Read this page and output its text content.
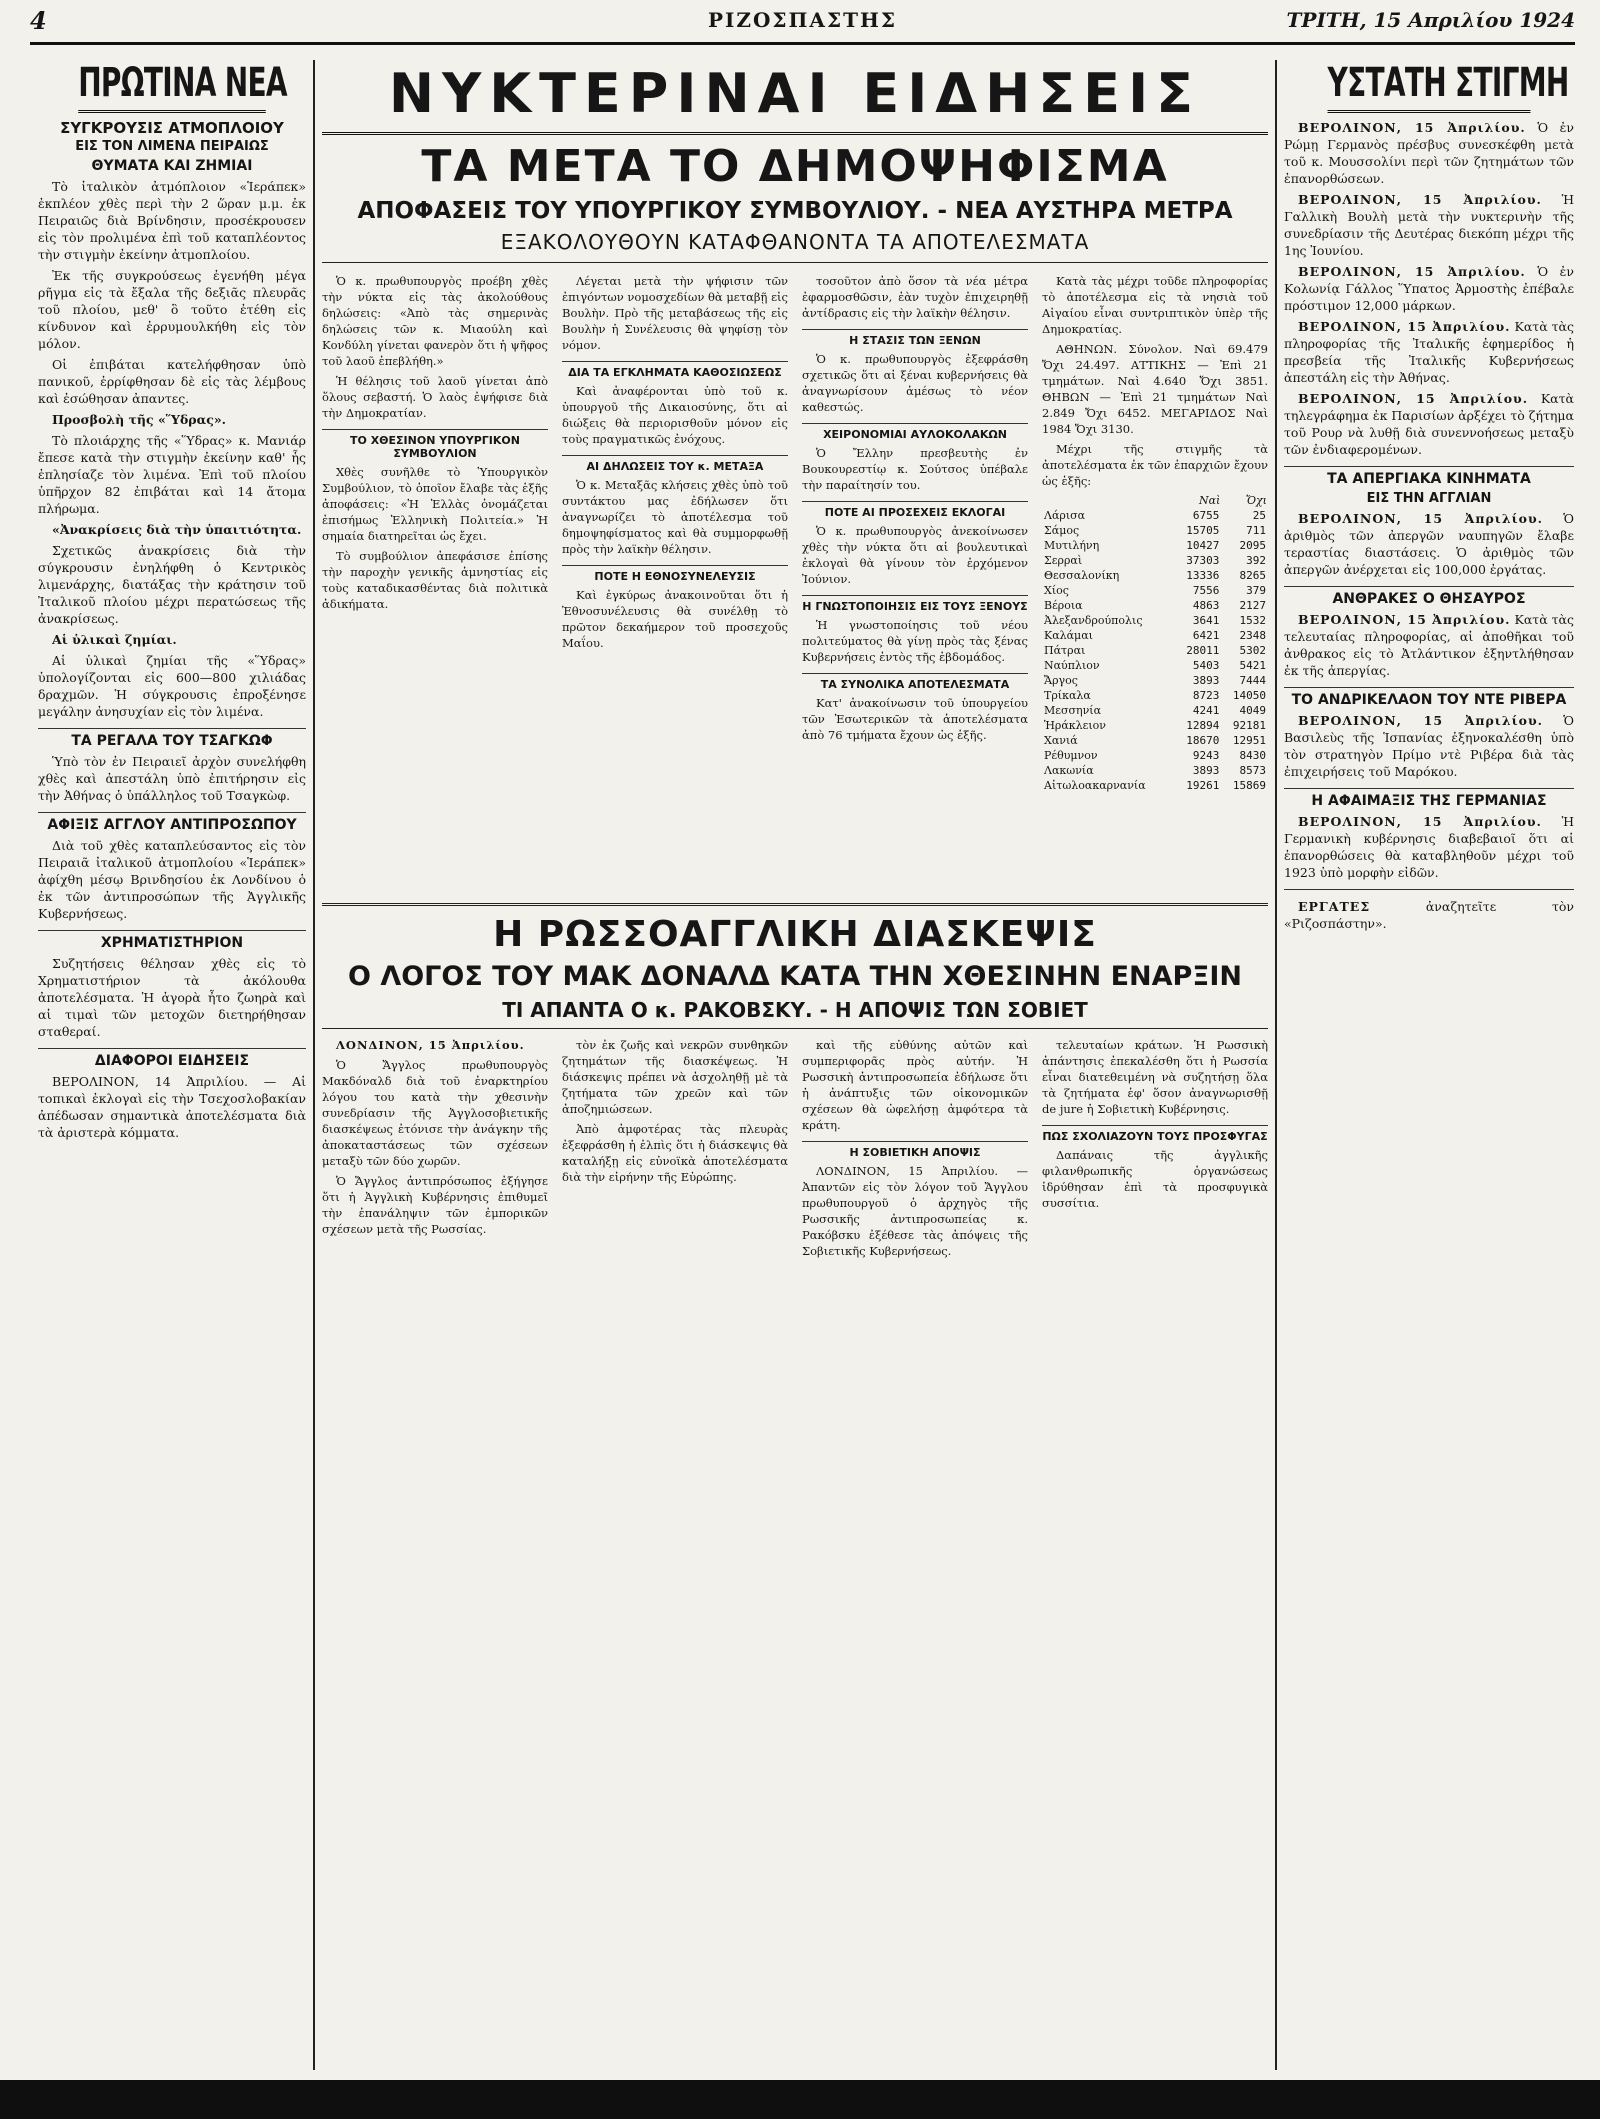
4	ΡΙΖΟΣΠΑΣΤΗΣ	ΤΡΙΤΗ, 15 Απριλίου 1924
ΠΡΩΤΙΝΑ ΝΕΑ
ΣΥΓΚΡΟΥΣΙΣ ΑΤΜΟΠΛΟΙΟΥ
ΕΙΣ ΤΟΝ ΛΙΜΕΝΑ ΠΕΙΡΑΙΩΣ
ΘΥΜΑΤΑ ΚΑΙ ΖΗΜΙΑΙ

Τὸ ἰταλικὸν ἀτμόπλοιον «Ἱεράπεκ» ἐκπλέον χθὲς περὶ τὴν 2 ὥραν μ.μ. ἐκ Πειραιῶς διὰ Βρίνδησιν, προσέκρουσεν εἰς τὸν προλιμένα ἐπὶ τοῦ καταπλέοντος τὴν στιγμὴν ἐκείνην ἀτμοπλοίου.

Ἐκ τῆς συγκρούσεως ἐγενήθη μέγα ρῆγμα εἰς τὰ ἔξαλα τῆς δεξιᾶς πλευρᾶς τοῦ πλοίου, μεθ' ὃ τοῦτο ἐτέθη εἰς κίνδυνον καὶ ἐρρυμουλκήθη εἰς τὸν μόλον.

Οἱ ἐπιβάται κατελήφθησαν ὑπὸ πανικοῦ, ἐρρίφθησαν δὲ εἰς τὰς λέμβους καὶ ἐσώθησαν ἀπαντες.

Προσβολὴ τῆς «Ὕδρας».

Τὸ πλοιάρχης τῆς «Ὕδρας» κ. Μανιάρ ἔπεσε κατὰ τὴν στιγμὴν ἐκείνην καθ' ἧς ἐπλησίαζε τὸν λιμένα. Ἐπὶ τοῦ πλοίου ὑπῆρχον 82 ἐπιβάται καὶ 14 ἄτομα πλήρωμα.

«Ἀνακρίσεις διὰ τὴν ὑπαιτιότητα.

Σχετικῶς ἀνακρίσεις διὰ τὴν σύγκρουσιν ἐνηλήφθη ὁ Κεντρικὸς λιμενάρχης, διατάξας τὴν κράτησιν τοῦ Ἰταλικοῦ πλοίου μέχρι περατώσεως τῆς ἀνακρίσεως.

Αἱ ὑλικαὶ ζημίαι.

Αἱ ὑλικαὶ ζημίαι τῆς «Ὕδρας» ὑπολογίζονται εἰς 600—800 χιλιάδας δραχμῶν. Ἡ σύγκρουσις ἐπροξένησε μεγάλην ἀνησυχίαν εἰς τὸν λιμένα.

ΤΑ ΡΕΓΑΛΑ ΤΟΥ ΤΣΑΓΚΩΦ

Ὑπὸ τὸν ἐν Πειραιεῖ ἀρχὸν συνελήφθη χθὲς καὶ ἀπεστάλη ὑπὸ ἐπιτήρησιν εἰς τὴν Ἀθήνας ὁ ὑπάλληλος τοῦ Τσαγκὼφ.

ΑΦΙΞΙΣ ΑΓΓΛΟΥ ΑΝΤΙΠΡΟΣΩΠΟΥ

Διὰ τοῦ χθὲς καταπλεύσαντος εἰς τὸν Πειραιᾶ ἰταλικοῦ ἀτμοπλοίου «Ἱεράπεκ» ἀφίχθη μέσῳ Βρινδησίου ἐκ Λονδίνου ὁ ἐκ τῶν ἀντιπροσώπων τῆς Ἀγγλικῆς Κυβερνήσεως.

ΧΡΗΜΑΤΙΣΤΗΡΙΟΝ

Συζητήσεις θέλησαν χθὲς εἰς τὸ Χρηματιστήριον τὰ ἀκόλουθα ἀποτελέσματα. Ἡ ἀγορὰ ἦτο ζωηρὰ καὶ αἱ τιμαὶ τῶν μετοχῶν διετηρήθησαν σταθεραί.

ΔΙΑΦΟΡΟΙ ΕΙΔΗΣΕΙΣ

ΒΕΡΟΛΙΝΟΝ, 14 Ἀπριλίου. — Αἱ τοπικαὶ ἐκλογαὶ εἰς τὴν Τσεχοσλοβακίαν ἀπέδωσαν σημαντικὰ ἀποτελέσματα διὰ τὰ ἀριστερὰ κόμματα.

ΝΥΚΤΕΡΙΝΑΙ ΕΙΔΗΣΕΙΣ
ΤΑ ΜΕΤΑ ΤΟ ΔΗΜΟΨΗΦΙΣΜΑ
ΑΠΟΦΑΣΕΙΣ ΤΟΥ ΥΠΟΥΡΓΙΚΟΥ ΣΥΜΒΟΥΛΙΟΥ. - ΝΕΑ ΑΥΣΤΗΡΑ ΜΕΤΡΑ
ΕΞΑΚΟΛΟΥΘΟΥΝ ΚΑΤΑΦΘΑΝΟΝΤΑ ΤΑ ΑΠΟΤΕΛΕΣΜΑΤΑ

Ὁ κ. πρωθυπουργὸς προέβη χθὲς τὴν νύκτα εἰς τὰς ἀκολούθους δηλώσεις: «Ἀπὸ τὰς σημερινὰς δηλώσεις τῶν κ. Μιαούλη καὶ Κονδύλη γίνεται φανερὸν ὅτι ἡ ψῆφος τοῦ λαοῦ ἐπεβλήθη.»

Ἡ θέλησις τοῦ λαοῦ γίνεται ἀπὸ ὅλους σεβαστή. Ὁ λαὸς ἐψήφισε διὰ τὴν Δημοκρατίαν.

ΤΟ ΧΘΕΣΙΝΟΝ ΥΠΟΥΡΓΙΚΟΝ ΣΥΜΒΟΥΛΙΟΝ

Χθὲς συνῆλθε τὸ Ὑπουργικὸν Συμβούλιον, τὸ ὁποῖον ἔλαβε τὰς ἑξῆς ἀποφάσεις: «Ἡ Ἑλλὰς ὀνομάζεται ἐπισήμως Ἑλληνικὴ Πολιτεία.» Ἡ σημαία διατηρεῖται ὡς ἔχει.

Τὸ συμβούλιον ἀπεφάσισε ἐπίσης τὴν παροχὴν γενικῆς ἀμνηστίας εἰς τοὺς καταδικασθέντας διὰ πολιτικὰ ἀδικήματα.

Λέγεται μετὰ τὴν ψήφισιν τῶν ἐπιγόντων νομοσχεδίων θὰ μεταβῇ εἰς Βουλὴν. Πρὸ τῆς μεταβάσεως τῆς εἰς Βουλὴν ἡ Συνέλευσις θὰ ψηφίσῃ τὸν νόμον.

ΔΙΑ ΤΑ ΕΓΚΛΗΜΑΤΑ ΚΑΘΟΣΙΩΣΕΩΣ

Καὶ ἀναφέρονται ὑπὸ τοῦ κ. ὑπουργοῦ τῆς Δικαιοσύνης, ὅτι αἱ διώξεις θὰ περιορισθοῦν μόνον εἰς τοὺς πραγματικῶς ἐνόχους.

ΑΙ ΔΗΛΩΣΕΙΣ ΤΟΥ κ. ΜΕΤΑΞΑ

Ὁ κ. Μεταξᾶς κλήσεις χθὲς ὑπὸ τοῦ συντάκτου μας ἐδήλωσεν ὅτι ἀναγνωρίζει τὸ ἀποτέλεσμα τοῦ δημοψηφίσματος καὶ θὰ συμμορφωθῇ πρὸς τὴν λαϊκὴν θέλησιν.

ΠΟΤΕ Η ΕΘΝΟΣΥΝΕΛΕΥΣΙΣ

Καὶ ἐγκύρως ἀνακοινοῦται ὅτι ἡ Ἐθνοσυνέλευσις θὰ συνέλθῃ τὸ πρῶτον δεκαήμερον τοῦ προσεχοῦς Μαΐου.

τοσοῦτον ἀπὸ ὅσον τὰ νέα μέτρα ἐφαρμοσθῶσιν, ἐὰν τυχὸν ἐπιχειρηθῇ ἀντίδρασις εἰς τὴν λαϊκὴν θέλησιν.

Η ΣΤΑΣΙΣ ΤΩΝ ΞΕΝΩΝ

Ὁ κ. πρωθυπουργὸς ἐξεφράσθη σχετικῶς ὅτι αἱ ξέναι κυβερνήσεις θὰ ἀναγνωρίσουν ἀμέσως τὸ νέον καθεστώς.

ΧΕΙΡΟΝΟΜΙΑΙ ΑΥΛΟΚΟΛΑΚΩΝ

Ὁ Ἔλλην πρεσβευτὴς ἐν Βουκουρεστίῳ κ. Σούτσος ὑπέβαλε τὴν παραίτησίν του.

ΠΟΤΕ ΑΙ ΠΡΟΣΕΧΕΙΣ ΕΚΛΟΓΑΙ

Ὁ κ. πρωθυπουργὸς ἀνεκοίνωσεν χθὲς τὴν νύκτα ὅτι αἱ βουλευτικαὶ ἐκλογαὶ θὰ γίνουν τὸν ἐρχόμενον Ἰούνιον.

Η ΓΝΩΣΤΟΠΟΙΗΣΙΣ ΕΙΣ ΤΟΥΣ ΞΕΝΟΥΣ

Ἡ γνωστοποίησις τοῦ νέου πολιτεύματος θὰ γίνῃ πρὸς τὰς ξένας Κυβερνήσεις ἐντὸς τῆς ἑβδομάδος.

ΤΑ ΣΥΝΟΛΙΚΑ ΑΠΟΤΕΛΕΣΜΑΤΑ

Κατ' ἀνακοίνωσιν τοῦ ὑπουργείου τῶν Ἐσωτερικῶν τὰ ἀποτελέσματα ἀπὸ 76 τμήματα ἔχουν ὡς ἑξῆς.

Κατὰ τὰς μέχρι τοῦδε πληροφορίας τὸ ἀποτέλεσμα εἰς τὰ νησιὰ τοῦ Αἰγαίου εἶναι συντριπτικὸν ὑπὲρ τῆς Δημοκρατίας.

ΑΘΗΝΩΝ. Σύνολον. Ναὶ 69.479 Ὄχι 24.497. ΑΤΤΙΚΗΣ — Ἐπὶ 21 τμημάτων. Ναὶ 4.640 Ὄχι 3851. ΘΗΒΩΝ — Ἐπὶ 21 τμημάτων Ναὶ 2.849 Ὄχι 6452. ΜΕΓΑΡΙΔΟΣ Ναὶ 1984 Ὄχι 3130.

Μέχρι τῆς στιγμῆς τὰ ἀποτελέσματα ἐκ τῶν ἐπαρχιῶν ἔχουν ὡς ἑξῆς:

	Ναὶ	Ὄχι
Λάρισα	6755	25
Σάμος	15705	711
Μυτιλήνη	10427	2095
Σερραὶ	37303	392
Θεσσαλονίκη	13336	8265
Χίος	7556	379
Βέροια	4863	2127
Ἀλεξανδρούπολις	3641	1532
Καλάμαι	6421	2348
Πάτραι	28011	5302
Ναύπλιον	5403	5421
Ἄργος	3893	7444
Τρίκαλα	8723	14050
Μεσσηνία	4241	4049
Ἡράκλειον	12894	92181
Χανιά	18670	12951
Ρέθυμνον	9243	8430
Λακωνία	3893	8573
Αἰτωλοακαρνανία	19261	15869
Η ΡΩΣΣΟΑΓΓΛΙΚΗ ΔΙΑΣΚΕΨΙΣ
Ο ΛΟΓΟΣ ΤΟΥ ΜΑΚ ΔΟΝΑΛΔ ΚΑΤΑ ΤΗΝ ΧΘΕΣΙΝΗΝ ΕΝΑΡΞΙΝ
ΤΙ ΑΠΑΝΤΑ Ο κ. ΡΑΚΟΒΣΚΥ. - Η ΑΠΟΨΙΣ ΤΩΝ ΣΟΒΙΕΤ

ΛΟΝΔΙΝΟΝ, 15 Ἀπριλίου.

Ὁ Ἄγγλος πρωθυπουργὸς Μακδόναλδ διὰ τοῦ ἐναρκτηρίου λόγου του κατὰ τὴν χθεσινὴν συνεδρίασιν τῆς Ἀγγλοσοβιετικῆς διασκέψεως ἐτόνισε τὴν ἀνάγκην τῆς ἀποκαταστάσεως τῶν σχέσεων μεταξὺ τῶν δύο χωρῶν.

Ὁ Ἄγγλος ἀντιπρόσωπος ἐξήγησε ὅτι ἡ Ἀγγλικὴ Κυβέρνησις ἐπιθυμεῖ τὴν ἐπανάληψιν τῶν ἐμπορικῶν σχέσεων μετὰ τῆς Ρωσσίας.

τὸν ἐκ ζωῆς καὶ νεκρῶν συνθηκῶν ζητημάτων τῆς διασκέψεως. Ἡ διάσκεψις πρέπει νὰ ἀσχοληθῇ μὲ τὰ ζητήματα τῶν χρεῶν καὶ τῶν ἀποζημιώσεων.

Ἀπὸ ἀμφοτέρας τὰς πλευρὰς ἐξεφράσθη ἡ ἐλπὶς ὅτι ἡ διάσκεψις θὰ καταλήξῃ εἰς εὐνοϊκὰ ἀποτελέσματα διὰ τὴν εἰρήνην τῆς Εὐρώπης.

καὶ τῆς εὐθύνης αὐτῶν καὶ συμπεριφορᾶς πρὸς αὐτήν. Ἡ Ρωσσικὴ ἀντιπροσωπεία ἐδήλωσε ὅτι ἡ ἀνάπτυξις τῶν οἰκονομικῶν σχέσεων θὰ ὠφελήσῃ ἀμφότερα τὰ κράτη.

Η ΣΟΒΙΕΤΙΚΗ ΑΠΟΨΙΣ

ΛΟΝΔΙΝΟΝ, 15 Ἀπριλίου. — Ἀπαντῶν εἰς τὸν λόγον τοῦ Ἄγγλου πρωθυπουργοῦ ὁ ἀρχηγὸς τῆς Ρωσσικῆς ἀντιπροσωπείας κ. Ρακόβσκυ ἐξέθεσε τὰς ἀπόψεις τῆς Σοβιετικῆς Κυβερνήσεως.

τελευταίων κράτων. Ἡ Ρωσσικὴ ἀπάντησις ἐπεκαλέσθη ὅτι ἡ Ρωσσία εἶναι διατεθειμένη νὰ συζητήσῃ ὅλα τὰ ζητήματα ἐφ' ὅσον ἀναγνωρισθῇ de jure ἡ Σοβιετικὴ Κυβέρνησις.

ΠΩΣ ΣΧΟΛΙΑΖΟΥΝ ΤΟΥΣ ΠΡΟΣΦΥΓΑΣ

Δαπάναις τῆς ἀγγλικῆς φιλανθρωπικῆς ὀργανώσεως ἱδρύθησαν ἐπὶ τὰ προσφυγικὰ συσσίτια.

ΥΣΤΑΤΗ ΣΤΙΓΜΗ

ΒΕΡΟΛΙΝΟΝ, 15 Ἀπριλίου. Ὁ ἐν Ρώμῃ Γερμανὸς πρέσβυς συνεσκέφθη μετὰ τοῦ κ. Μουσσολίνι περὶ τῶν ζητημάτων τῶν ἐπανορθώσεων.

ΒΕΡΟΛΙΝΟΝ, 15 Ἀπριλίου. Ἡ Γαλλικὴ Βουλὴ μετὰ τὴν νυκτερινὴν τῆς συνεδρίασιν τῆς Δευτέρας διεκόπη μέχρι τῆς 1ης Ἰουνίου.

ΒΕΡΟΛΙΝΟΝ, 15 Ἀπριλίου. Ὁ ἐν Κολωνίᾳ Γάλλος Ὕπατος Ἀρμοστὴς ἐπέβαλε πρόστιμον 12,000 μάρκων.

ΒΕΡΟΛΙΝΟΝ, 15 Ἀπριλίου. Κατὰ τὰς πληροφορίας τῆς Ἰταλικῆς ἐφημερίδος ἡ πρεσβεία τῆς Ἰταλικῆς Κυβερνήσεως ἀπεστάλη εἰς τὴν Ἀθήνας.

ΒΕΡΟΛΙΝΟΝ, 15 Ἀπριλίου. Κατὰ τηλεγράφημα ἐκ Παρισίων ἀρξέχει τὸ ζήτημα τοῦ Ρουρ νὰ λυθῇ διὰ συνεννοήσεως μεταξὺ τῶν ἐνδιαφερομένων.

ΤΑ ΑΠΕΡΓΙΑΚΑ ΚΙΝΗΜΑΤΑ
ΕΙΣ ΤΗΝ ΑΓΓΛΙΑΝ

ΒΕΡΟΛΙΝΟΝ, 15 Ἀπριλίου. Ὁ ἀριθμὸς τῶν ἀπεργῶν ναυπηγῶν ἔλαβε τεραστίας διαστάσεις. Ὁ ἀριθμὸς τῶν ἀπεργῶν ἀνέρχεται εἰς 100,000 ἐργάτας.

ΑΝΘΡΑΚΕΣ Ο ΘΗΣΑΥΡΟΣ

ΒΕΡΟΛΙΝΟΝ, 15 Ἀπριλίου. Κατὰ τὰς τελευταίας πληροφορίας, αἱ ἀποθῆκαι τοῦ ἀνθρακος εἰς τὸ Ἀτλάντικον ἐξηντλήθησαν ἐκ τῆς ἀπεργίας.

ΤΟ ΑΝΔΡΙΚΕΛΑΟΝ ΤΟΥ ΝΤΕ ΡΙΒΕΡΑ

ΒΕΡΟΛΙΝΟΝ, 15 Ἀπριλίου. Ὁ Βασιλεὺς τῆς Ἱσπανίας ἐξηνοκαλέσθη ὑπὸ τὸν στρατηγὸν Πρίμο ντὲ Ριβέρα διὰ τὰς ἐπιχειρήσεις τοῦ Μαρόκου.

Η ΑΦΑΙΜΑΞΙΣ ΤΗΣ ΓΕΡΜΑΝΙΑΣ

ΒΕΡΟΛΙΝΟΝ, 15 Ἀπριλίου. Ἡ Γερμανικὴ κυβέρνησις διαβεβαιοῖ ὅτι αἱ ἐπανορθώσεις θὰ καταβληθοῦν μέχρι τοῦ 1923 ὑπὸ μορφὴν εἰδῶν.

ΕΡΓΑΤΕΣ	ἀναζητεῖτε τὸν «Ριζοσπάστην».
